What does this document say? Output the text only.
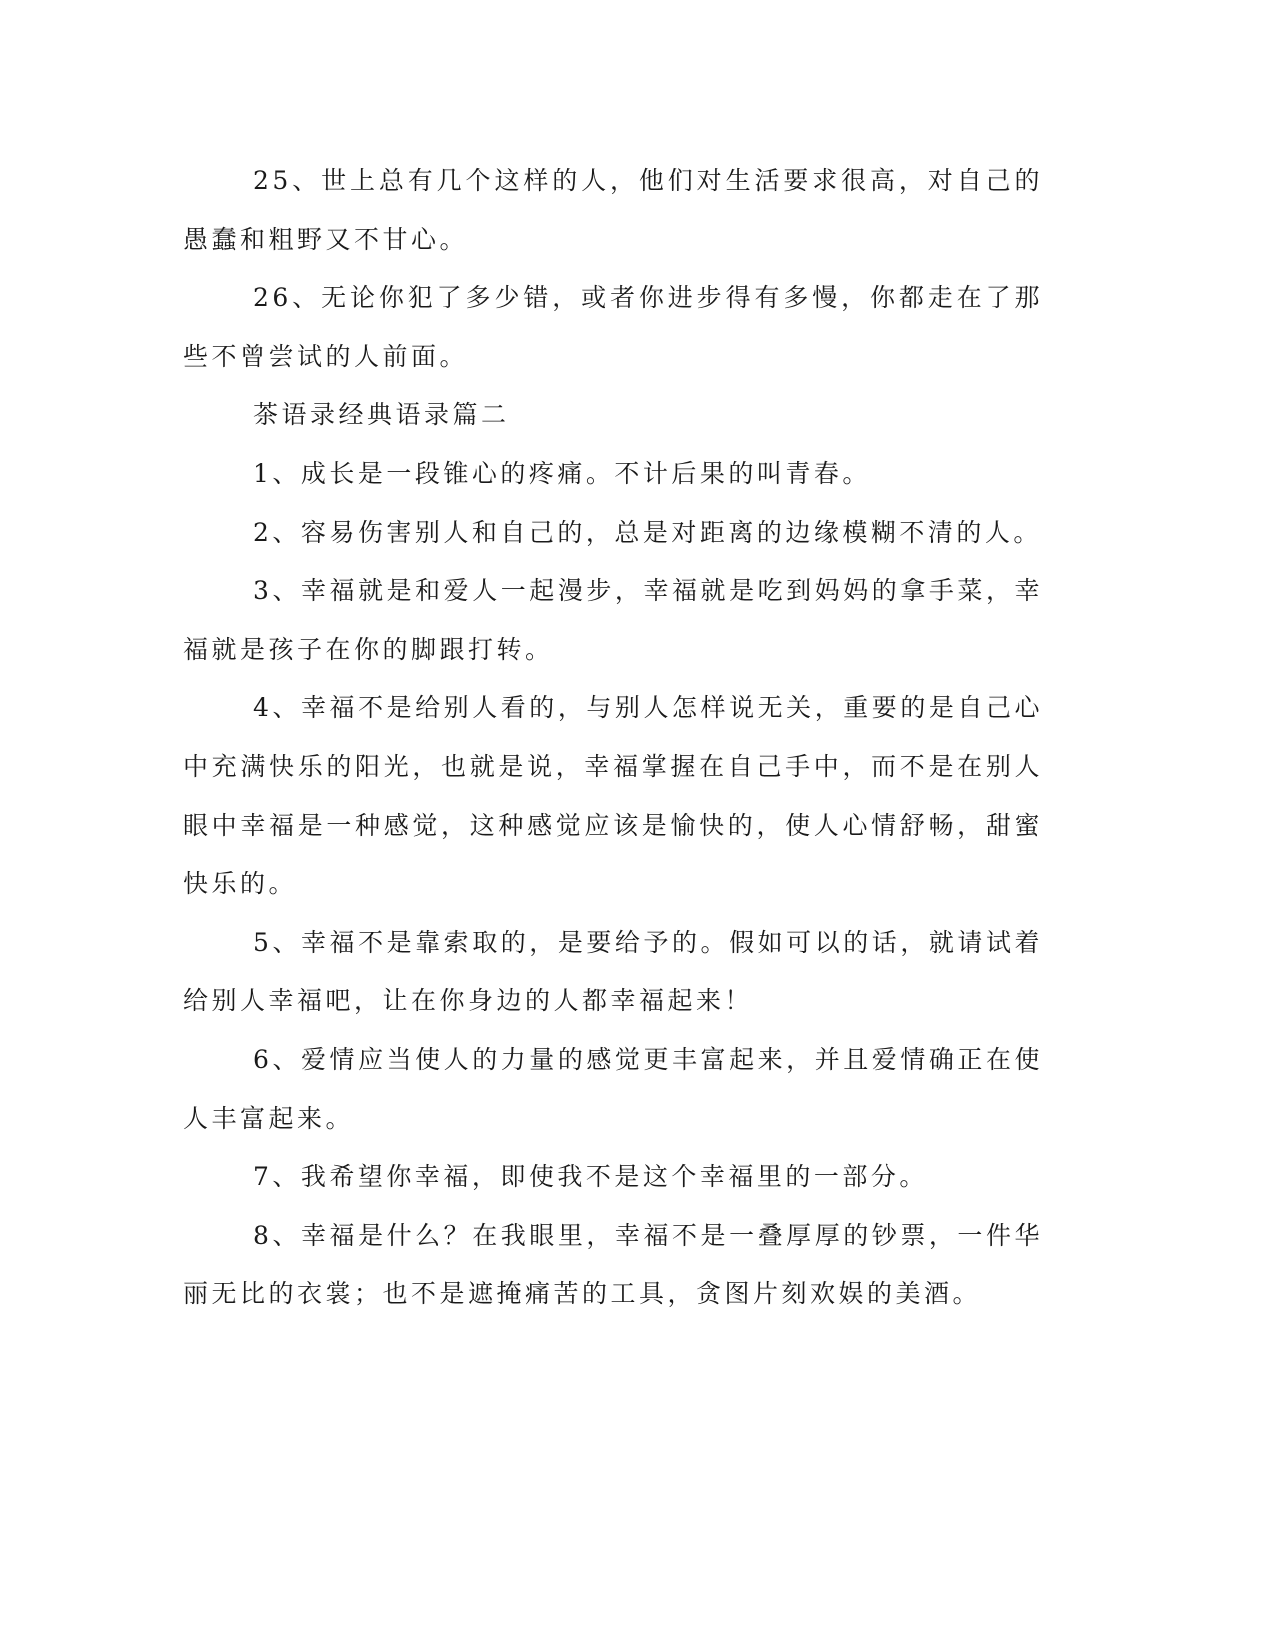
25、世上总有几个这样的人，他们对生活要求很高，对自己的愚蠢和粗野又不甘心。

26、无论你犯了多少错，或者你进步得有多慢，你都走在了那些不曾尝试的人前面。

茶语录经典语录篇二

1、成长是一段锥心的疼痛。不计后果的叫青春。

2、容易伤害别人和自己的，总是对距离的边缘模糊不清的人。

3、幸福就是和爱人一起漫步，幸福就是吃到妈妈的拿手菜，幸福就是孩子在你的脚跟打转。

4、幸福不是给别人看的，与别人怎样说无关，重要的是自己心中充满快乐的阳光，也就是说，幸福掌握在自己手中，而不是在别人眼中幸福是一种感觉，这种感觉应该是愉快的，使人心情舒畅，甜蜜快乐的。

5、幸福不是靠索取的，是要给予的。假如可以的话，就请试着给别人幸福吧，让在你身边的人都幸福起来！

6、爱情应当使人的力量的感觉更丰富起来，并且爱情确正在使人丰富起来。

7、我希望你幸福，即使我不是这个幸福里的一部分。

8、幸福是什么？在我眼里，幸福不是一叠厚厚的钞票，一件华丽无比的衣裳；也不是遮掩痛苦的工具，贪图片刻欢娱的美酒。
